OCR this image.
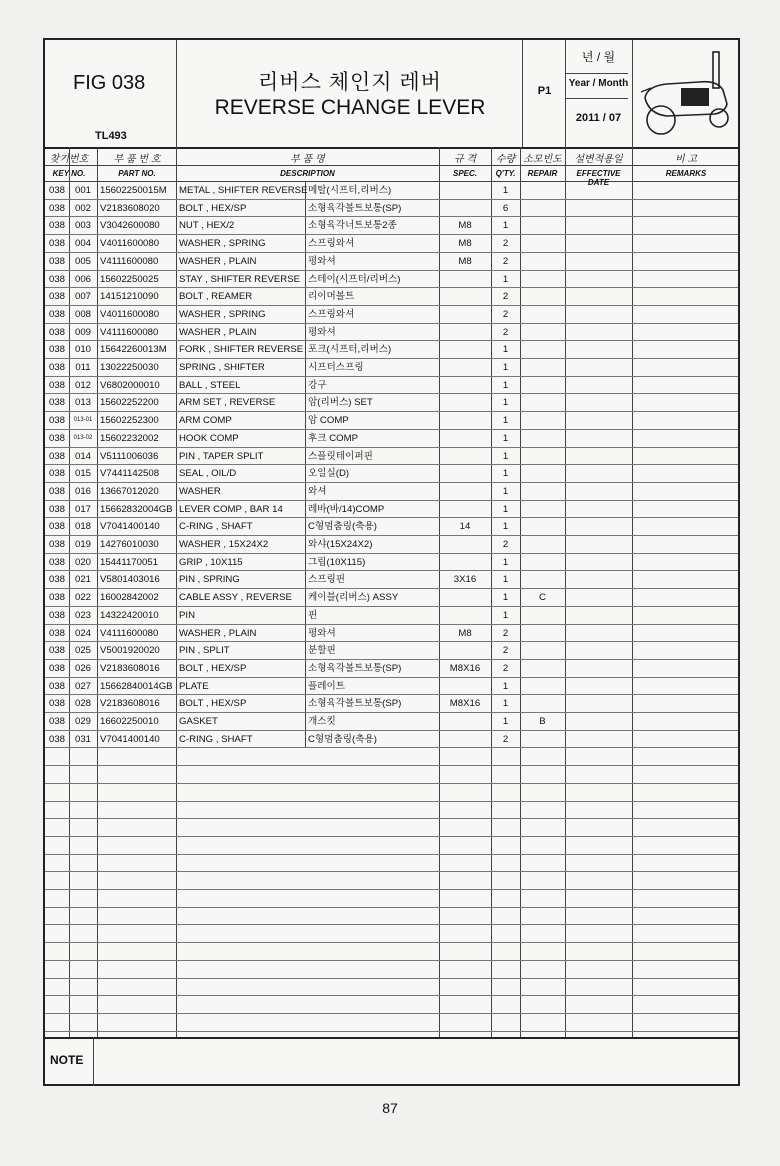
FIG 038
TL493
리버스 체인지 레버
REVERSE CHANGE LEVER
P1
년 / 월
Year / Month
2011 / 07
찾기번호
KEY NO.
부 품 번 호
PART NO.
부 품 명
DESCRIPTION
규 격
SPEC.
수량
Q'TY.
소모빈도
REPAIR
설변적용일
EFFECTIVE DATE
비 고
REMARKS
038	001 15602250015M	METAL , SHIFTER REVERSE 메탈(시프터,리버스)	1
038	002 V2183608020	BOLT , HEX/SP	소형육각볼트보통(SP)	6
038	003 V3042600080	NUT , HEX/2	소형육각너트보통2종	M8	1
038	004 V4011600080	WASHER , SPRING	스프링와셔	M8	2
038	005 V4111600080	WASHER , PLAIN	평와셔	M8	2
038	006 15602250025	STAY , SHIFTER REVERSE 스테이(시프터/리버스)	1
038	007 14151210090	BOLT , REAMER	리이머볼트	2
038	008 V4011600080	WASHER , SPRING	스프링와셔	2
038	009 V4111600080	WASHER , PLAIN	평와셔	2
038	010 15642260013M	FORK , SHIFTER REVERSE 포크(시프터,리버스)	1
038	011 13022250030	SPRING , SHIFTER	시프터스프링	1
038	012 V6802000010	BALL , STEEL	강구	1
038	013 15602252200	ARM SET , REVERSE	암(리버스) SET	1
038	013-01 15602252300	ARM COMP	암 COMP	1
038	013-02 15602232002	HOOK COMP	후크 COMP	1
038	014 V5111006036	PIN , TAPER SPLIT	스플릿테이퍼핀	1
038	015 V7441142508	SEAL , OIL/D	오일실(D)	1
038	016 13667012020	WASHER	와셔	1
038	017 15662832004GB LEVER COMP , BAR 14	레바(바/14)COMP	1
038	018 V7041400140	C-RING , SHAFT	C형멈춤링(축용)	14	1
038	019 14276010030	WASHER , 15X24X2	와샤(15X24X2)	2
038	020 15441170051	GRIP , 10X115	그립(10X115)	1
038	021 V5801403016	PIN , SPRING	스프링핀	3X16	1
038	022 16002842002	CABLE ASSY , REVERSE	케이블(리버스) ASSY	1	C
038	023 14322420010	PIN	핀	1
038	024 V4111600080	WASHER , PLAIN	평와셔	M8	2
038	025 V5001920020	PIN , SPLIT	분할핀	2
038	026 V2183608016	BOLT , HEX/SP	소형육각볼트보통(SP)	M8X16	2
038	027 15662840014GB PLATE	플레이트	1
038	028 V2183608016	BOLT , HEX/SP	소형육각볼트보통(SP)	M8X16	1
038	029 16602250010	GASKET	개스킷	1	B
038	031 V7041400140	C-RING , SHAFT	C형멈춤링(축용)	2
NOTE
87
